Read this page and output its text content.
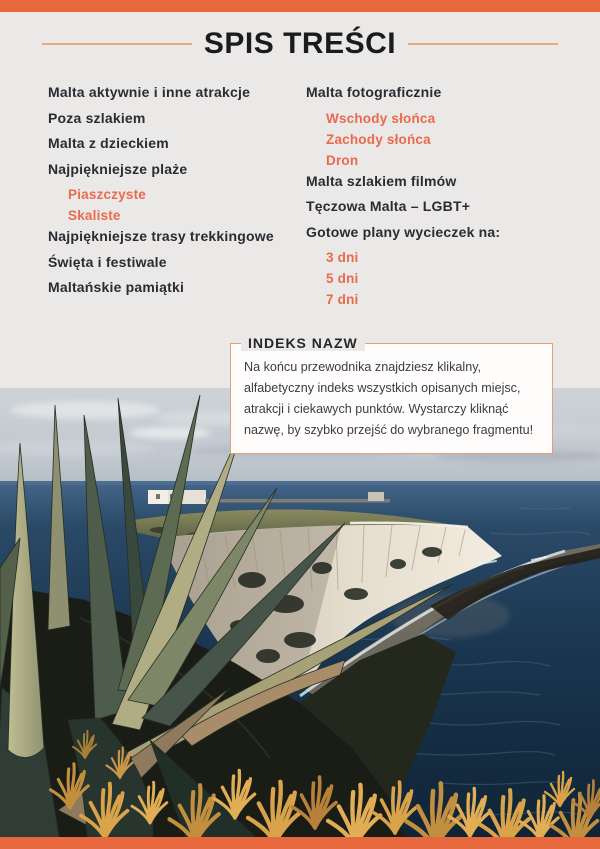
SPIS TREŚCI
Malta aktywnie i inne atrakcje
Poza szlakiem
Malta z dzieckiem
Najpiękniejsze plaże
Piaszczyste
Skaliste
Najpiękniejsze trasy trekkingowe
Święta i festiwale
Maltańskie pamiątki
Malta fotograficznie
Wschody słońca
Zachody słońca
Dron
Malta szlakiem filmów
Tęczowa Malta – LGBT+
Gotowe plany wycieczek na:
3 dni
5 dni
7 dni
INDEKS NAZW
Na końcu przewodnika znajdziesz klikalny, alfabetyczny indeks wszystkich opisanych miejsc, atrakcji i ciekawych punktów. Wystarczy kliknąć nazwę, by szybko przejść do wybranego fragmentu!
